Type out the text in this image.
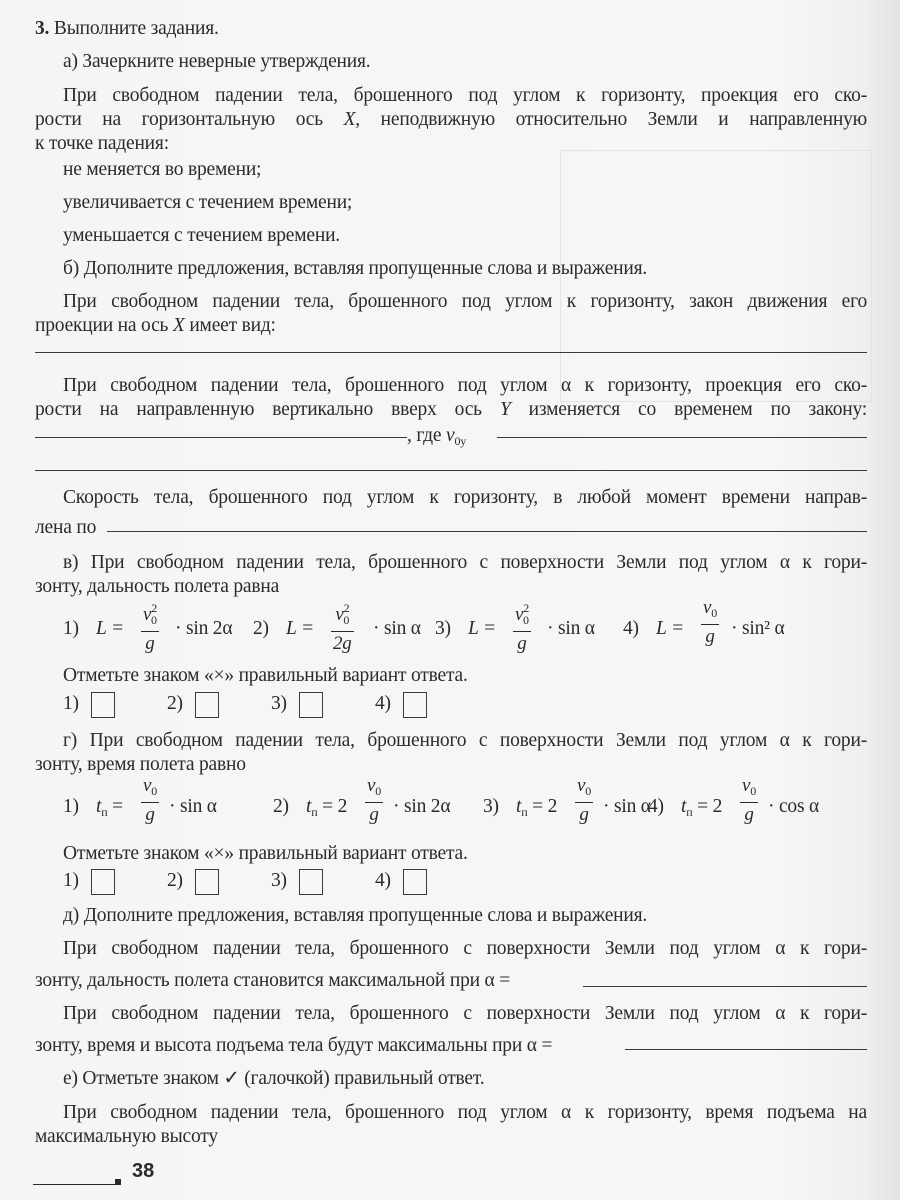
3. Выполните задания.
а) Зачеркните неверные утверждения.
При свободном падении тела, брошенного под углом к горизонту, проекция его ско-
рости на горизонтальную ось X, неподвижную относительно Земли и направленную
к точке падения:
не меняется во времени;
увеличивается с течением времени;
уменьшается с течением времени.
б) Дополните предложения, вставляя пропущенные слова и выражения.
При свободном падении тела, брошенного под углом к горизонту, закон движения его
проекции на ось X имеет вид:
При свободном падении тела, брошенного под углом α к горизонту, проекция его ско-
рости на направленную вертикально вверх ось Y изменяется со временем по закону:
, где $v_{0y}$
Скорость тела, брошенного под углом к горизонту, в любой момент времени направ-
лена по
в) При свободном падении тела, брошенного с поверхности Земли под углом α к гори-
зонту, дальность полета равна
1) $L = \frac{v^2_0}{g} \cdot \sin 2\alpha$ 2) $L = \frac{v^2_0}{2g} \cdot \sin \alpha$ 3) $L = \frac{v^2_0}{g} \cdot \sin \alpha$ 4) $L = \frac{v_0}{g} \cdot \sin^2$ α
Отметьте знаком «×» правильный вариант ответа.
1)	2)	3)	4)
г) При свободном падении тела, брошенного с поверхности Земли под углом α к гори-
зонту, время полета равно
1) $t_п = \frac{v_0}{g} \cdot \sin \alpha$	2) $t_п = 2 \frac{v_0}{g} \cdot \sin 2\alpha$ 3) $t_п = 2 \frac{v_0}{g} \cdot \sin \alpha$
4) $t_п = 2 \frac{v_0}{g} \cdot \cos \alpha$
Отметьте знаком «×» правильный вариант ответа.
1)	2)	3)	4)
д) Дополните предложения, вставляя пропущенные слова и выражения.
При свободном падении тела, брошенного с поверхности Земли под углом α к гори-
зонту, дальность полета становится максимальной при α =
При свободном падении тела, брошенного с поверхности Земли под углом α к гори-
зонту, время и высота подъема тела будут максимальны при α =
е) Отметьте знаком ✓ (галочкой) правильный ответ.
При свободном падении тела, брошенного под углом α к горизонту, время подъема на
максимальную высоту
38
